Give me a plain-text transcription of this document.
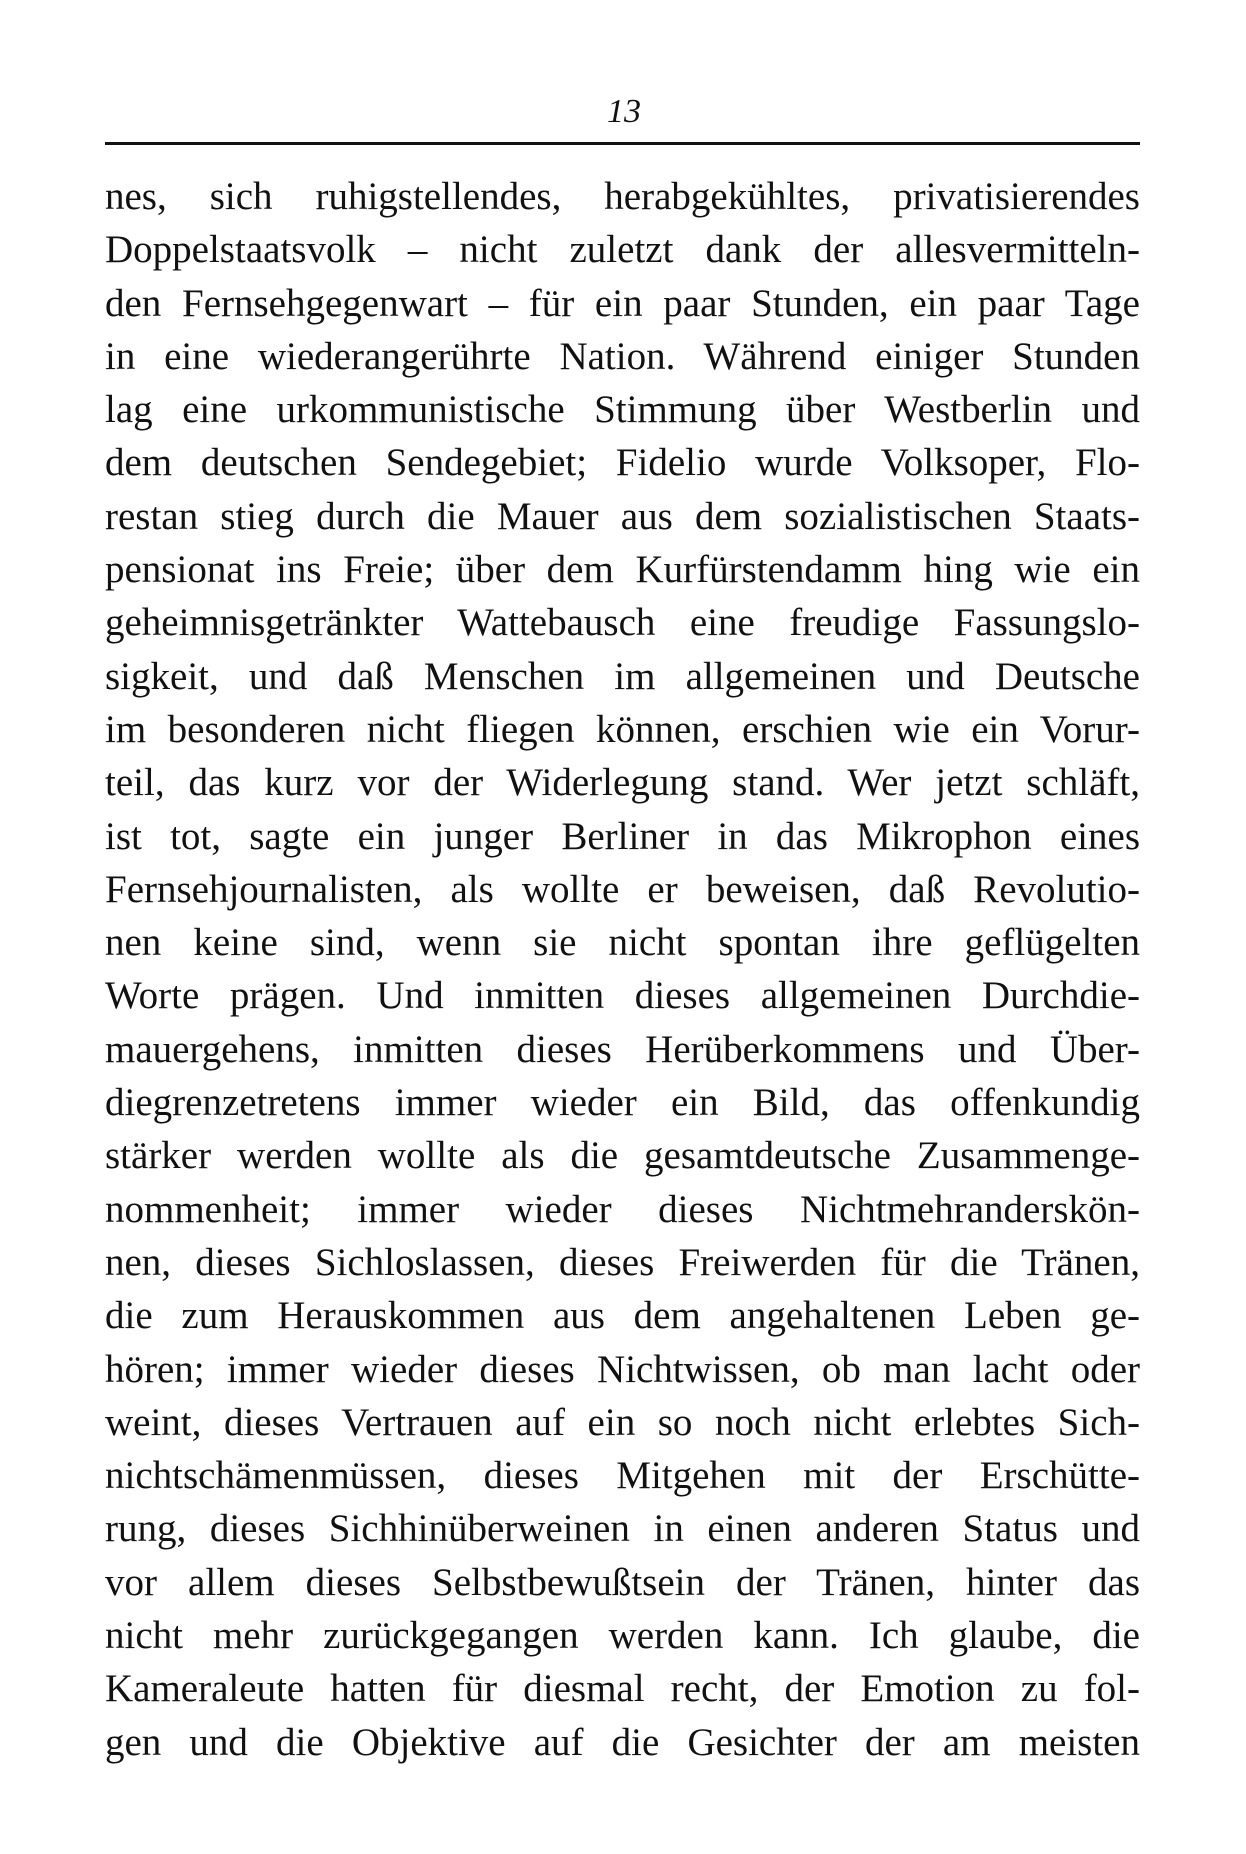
13
nes, sich ruhigstellendes, herabgekühltes, privatisierendes
Doppelstaatsvolk – nicht zuletzt dank der allesvermitteln-
den Fernsehgegenwart – für ein paar Stunden, ein paar Tage
in eine wiederangerührte Nation. Während einiger Stunden
lag eine urkommunistische Stimmung über Westberlin und
dem deutschen Sendegebiet; Fidelio wurde Volksoper, Flo-
restan stieg durch die Mauer aus dem sozialistischen Staats-
pensionat ins Freie; über dem Kurfürstendamm hing wie ein
geheimnisgetränkter Wattebausch eine freudige Fassungslo-
sigkeit, und daß Menschen im allgemeinen und Deutsche
im besonderen nicht fliegen können, erschien wie ein Vorur-
teil, das kurz vor der Widerlegung stand. Wer jetzt schläft,
ist tot, sagte ein junger Berliner in das Mikrophon eines
Fernsehjournalisten, als wollte er beweisen, daß Revolutio-
nen keine sind, wenn sie nicht spontan ihre geflügelten
Worte prägen. Und inmitten dieses allgemeinen Durchdie-
mauergehens, inmitten dieses Herüberkommens und Über-
diegrenzetretens immer wieder ein Bild, das offenkundig
stärker werden wollte als die gesamtdeutsche Zusammenge-
nommenheit; immer wieder dieses Nichtmehranderskön-
nen, dieses Sichloslassen, dieses Freiwerden für die Tränen,
die zum Herauskommen aus dem angehaltenen Leben ge-
hören; immer wieder dieses Nichtwissen, ob man lacht oder
weint, dieses Vertrauen auf ein so noch nicht erlebtes Sich-
nichtschämenmüssen, dieses Mitgehen mit der Erschütte-
rung, dieses Sichhinüberweinen in einen anderen Status und
vor allem dieses Selbstbewußtsein der Tränen, hinter das
nicht mehr zurückgegangen werden kann. Ich glaube, die
Kameraleute hatten für diesmal recht, der Emotion zu fol-
gen und die Objektive auf die Gesichter der am meisten
